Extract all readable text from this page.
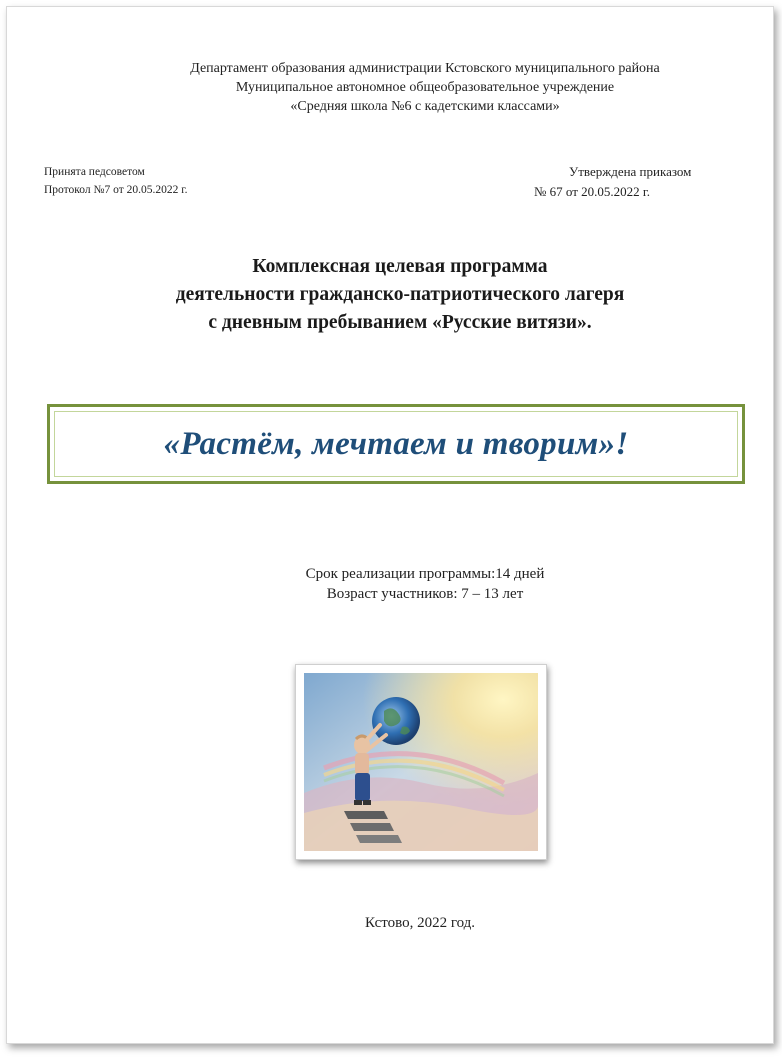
Департамент образования администрации Кстовского муниципального района
Муниципальное автономное общеобразовательное учреждение
«Средняя школа №6 с кадетскими классами»
Принята педсоветом
Протокол №7 от 20.05.2022 г.
Утверждена приказом
№ 67 от 20.05.2022 г.
Комплексная целевая программа
деятельности гражданско-патриотического лагеря
с дневным пребыванием «Русские витязи».
«Растём, мечтаем и творим»!
Срок реализации программы:14 дней
Возраст участников: 7 – 13 лет
Кстово, 2022 год.
